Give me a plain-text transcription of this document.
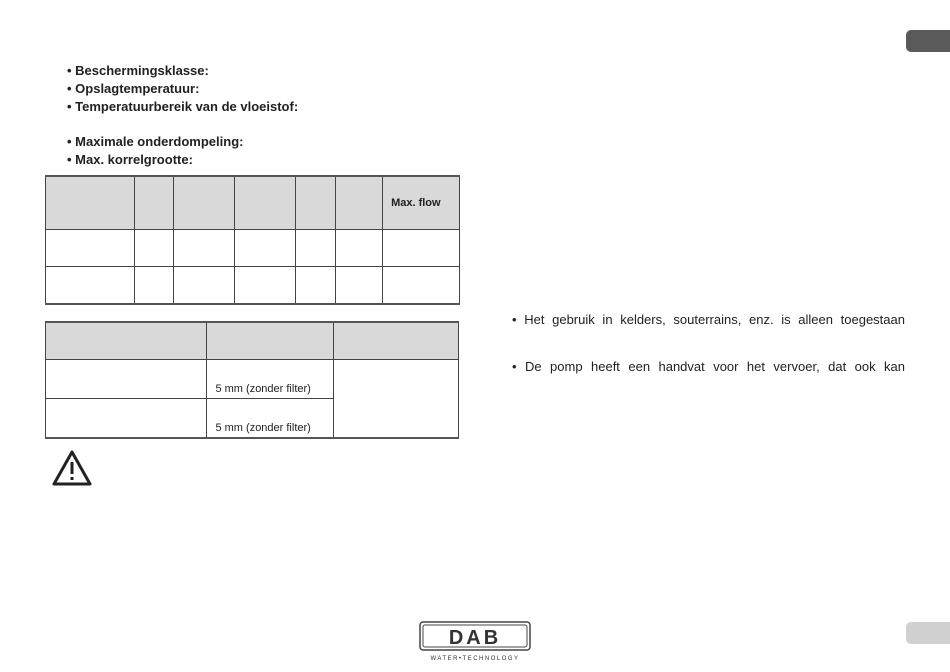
• Beschermingsklasse:
• Opslagtemperatuur:
• Temperatuurbereik van de vloeistof:
• Maximale onderdompeling:
• Max. korrelgrootte:
						Max. flow

	5 mm (zonder filter)	
	5 mm (zonder filter)	
• Het gebruik in kelders, souterrains, enz. is alleen toegestaan
• De pomp heeft een handvat voor het vervoer, dat ook kan
DAB
WATER•TECHNOLOGY
